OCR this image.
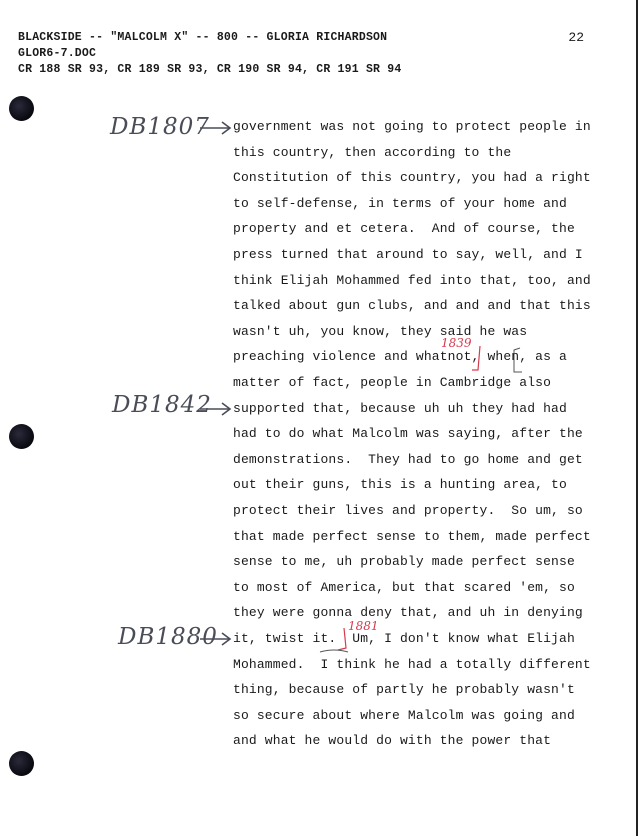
BLACKSIDE -- "MALCOLM X" -- 800 -- GLORIA RICHARDSON
GLOR6-7.DOC
CR 188 SR 93, CR 189 SR 93, CR 190 SR 94, CR 191 SR 94
22
DB1807
DB1842
DB1880
1839
1881
government was not going to protect people in
this country, then according to the
Constitution of this country, you had a right
to self-defense, in terms of your home and
property and et cetera.  And of course, the
press turned that around to say, well, and I
think Elijah Mohammed fed into that, too, and
talked about gun clubs, and and and that this
wasn't uh, you know, they said he was
preaching violence and whatnot, when, as a
matter of fact, people in Cambridge also
supported that, because uh uh they had had
had to do what Malcolm was saying, after the
demonstrations.  They had to go home and get
out their guns, this is a hunting area, to
protect their lives and property.  So um, so
that made perfect sense to them, made perfect
sense to me, uh probably made perfect sense
to most of America, but that scared 'em, so
they were gonna deny that, and uh in denying
it, twist it.  Um, I don't know what Elijah
Mohammed.  I think he had a totally different
thing, because of partly he probably wasn't
so secure about where Malcolm was going and
and what he would do with the power that
